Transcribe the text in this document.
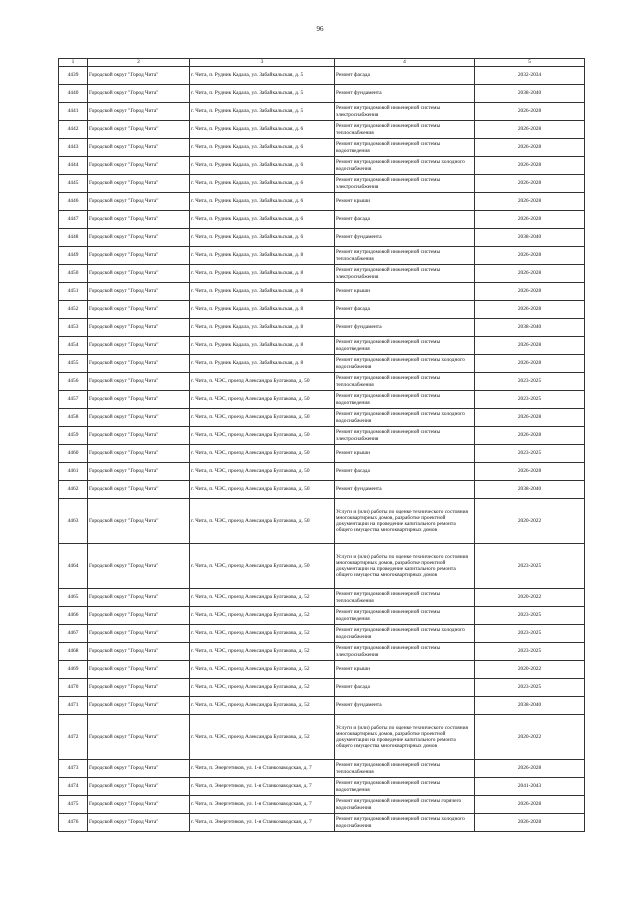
96
1	2	3	4	5
4439	Городской округ "Город Чита"	г. Чита, п. Рудник Кадала, ул. Забайкальская, д. 5	Ремонт фасада	2032-2034
4440	Городской округ "Город Чита"	г. Чита, п. Рудник Кадала, ул. Забайкальская, д. 5	Ремонт фундамента	2038-2040
4441	Городской округ "Город Чита"	г. Чита, п. Рудник Кадала, ул. Забайкальская, д. 5	Ремонт внутридомовой инженерной системы электроснабжения	2026-2028
4442	Городской округ "Город Чита"	г. Чита, п. Рудник Кадала, ул. Забайкальская, д. 6	Ремонт внутридомовой инженерной системы теплоснабжения	2026-2028
4443	Городской округ "Город Чита"	г. Чита, п. Рудник Кадала, ул. Забайкальская, д. 6	Ремонт внутридомовой инженерной системы водоотведения	2026-2028
4444	Городской округ "Город Чита"	г. Чита, п. Рудник Кадала, ул. Забайкальская, д. 6	Ремонт внутридомовой инженерной системы холодного водоснабжения	2026-2028
4445	Городской округ "Город Чита"	г. Чита, п. Рудник Кадала, ул. Забайкальская, д. 6	Ремонт внутридомовой инженерной системы электроснабжения	2026-2028
4446	Городской округ "Город Чита"	г. Чита, п. Рудник Кадала, ул. Забайкальская, д. 6	Ремонт крыши	2026-2028
4447	Городской округ "Город Чита"	г. Чита, п. Рудник Кадала, ул. Забайкальская, д. 6	Ремонт фасада	2026-2028
4448	Городской округ "Город Чита"	г. Чита, п. Рудник Кадала, ул. Забайкальская, д. 6	Ремонт фундамента	2038-2040
4449	Городской округ "Город Чита"	г. Чита, п. Рудник Кадала, ул. Забайкальская, д. 8	Ремонт внутридомовой инженерной системы теплоснабжения	2026-2028
4450	Городской округ "Город Чита"	г. Чита, п. Рудник Кадала, ул. Забайкальская, д. 8	Ремонт внутридомовой инженерной системы электроснабжения	2026-2028
4451	Городской округ "Город Чита"	г. Чита, п. Рудник Кадала, ул. Забайкальская, д. 8	Ремонт крыши	2026-2028
4452	Городской округ "Город Чита"	г. Чита, п. Рудник Кадала, ул. Забайкальская, д. 8	Ремонт фасада	2026-2028
4453	Городской округ "Город Чита"	г. Чита, п. Рудник Кадала, ул. Забайкальская, д. 8	Ремонт фундамента	2038-2040
4454	Городской округ "Город Чита"	г. Чита, п. Рудник Кадала, ул. Забайкальская, д. 8	Ремонт внутридомовой инженерной системы водоотведения	2026-2028
4455	Городской округ "Город Чита"	г. Чита, п. Рудник Кадала, ул. Забайкальская, д. 8	Ремонт внутридомовой инженерной системы холодного водоснабжения	2026-2028
4456	Городской округ "Город Чита"	г. Чита, п. ЧЭС, проезд Александра Булгакова, д. 50	Ремонт внутридомовой инженерной системы теплоснабжения	2023-2025
4457	Городской округ "Город Чита"	г. Чита, п. ЧЭС, проезд Александра Булгакова, д. 50	Ремонт внутридомовой инженерной системы водоотведения	2023-2025
4458	Городской округ "Город Чита"	г. Чита, п. ЧЭС, проезд Александра Булгакова, д. 50	Ремонт внутридомовой инженерной системы холодного водоснабжения	2026-2028
4459	Городской округ "Город Чита"	г. Чита, п. ЧЭС, проезд Александра Булгакова, д. 50	Ремонт внутридомовой инженерной системы электроснабжения	2026-2028
4460	Городской округ "Город Чита"	г. Чита, п. ЧЭС, проезд Александра Булгакова, д. 50	Ремонт крыши	2023-2025
4461	Городской округ "Город Чита"	г. Чита, п. ЧЭС, проезд Александра Булгакова, д. 50	Ремонт фасада	2026-2028
4462	Городской округ "Город Чита"	г. Чита, п. ЧЭС, проезд Александра Булгакова, д. 50	Ремонт фундамента	2038-2040
4463	Городской округ "Город Чита"	г. Чита, п. ЧЭС, проезд Александра Булгакова, д. 50	Услуги и (или) работы по оценке технического состояния многоквартирных домов, разработке проектной документации на проведение капитального ремонта общего имущества многоквартирных домов	2020-2022
4464	Городской округ "Город Чита"	г. Чита, п. ЧЭС, проезд Александра Булгакова, д. 50	Услуги и (или) работы по оценке технического состояния многоквартирных домов, разработке проектной документации на проведение капитального ремонта общего имущества многоквартирных домов	2023-2025
4465	Городской округ "Город Чита"	г. Чита, п. ЧЭС, проезд Александра Булгакова, д. 52	Ремонт внутридомовой инженерной системы теплоснабжения	2020-2022
4466	Городской округ "Город Чита"	г. Чита, п. ЧЭС, проезд Александра Булгакова, д. 52	Ремонт внутридомовой инженерной системы водоотведения	2023-2025
4467	Городской округ "Город Чита"	г. Чита, п. ЧЭС, проезд Александра Булгакова, д. 52	Ремонт внутридомовой инженерной системы холодного водоснабжения	2023-2025
4468	Городской округ "Город Чита"	г. Чита, п. ЧЭС, проезд Александра Булгакова, д. 52	Ремонт внутридомовой инженерной системы электроснабжения	2023-2025
4469	Городской округ "Город Чита"	г. Чита, п. ЧЭС, проезд Александра Булгакова, д. 52	Ремонт крыши	2020-2022
4470	Городской округ "Город Чита"	г. Чита, п. ЧЭС, проезд Александра Булгакова, д. 52	Ремонт фасада	2023-2025
4471	Городской округ "Город Чита"	г. Чита, п. ЧЭС, проезд Александра Булгакова, д. 52	Ремонт фундамента	2038-2040
4472	Городской округ "Город Чита"	г. Чита, п. ЧЭС, проезд Александра Булгакова, д. 52	Услуги и (или) работы по оценке технического состояния многоквартирных домов, разработке проектной документации на проведение капитального ремонта общего имущества многоквартирных домов	2020-2022
4473	Городской округ "Город Чита"	г. Чита, п. Энергетиков, ул. 1-я Станкозаводская, д. 7	Ремонт внутридомовой инженерной системы теплоснабжения	2026-2028
4474	Городской округ "Город Чита"	г. Чита, п. Энергетиков, ул. 1-я Станкозаводская, д. 7	Ремонт внутридомовой инженерной системы водоотведения	2041-2043
4475	Городской округ "Город Чита"	г. Чита, п. Энергетиков, ул. 1-я Станкозаводская, д. 7	Ремонт внутридомовой инженерной системы горячего водоснабжения	2026-2028
4476	Городской округ "Город Чита"	г. Чита, п. Энергетиков, ул. 1-я Станкозаводская, д. 7	Ремонт внутридомовой инженерной системы холодного водоснабжения	2026-2028
